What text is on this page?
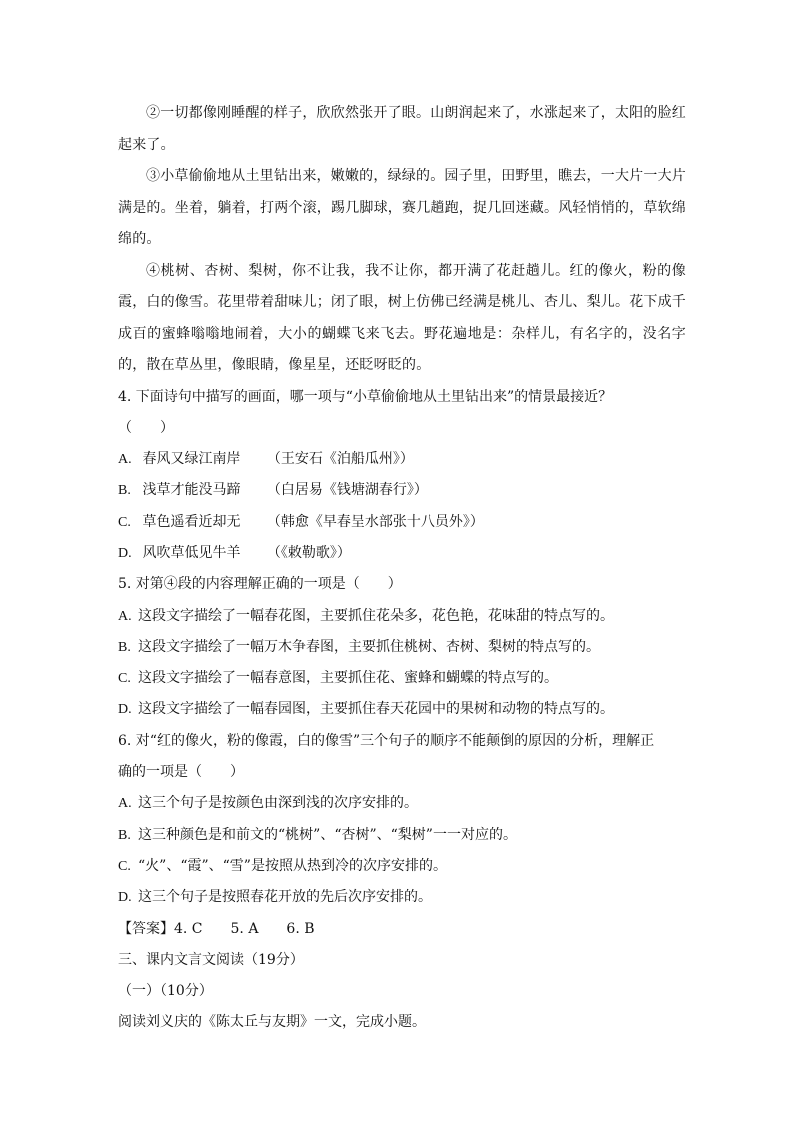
②一切都像刚睡醒的样子，欣欣然张开了眼。山朗润起来了，水涨起来了，太阳的脸红起来了。

③小草偷偷地从土里钻出来，嫩嫩的，绿绿的。园子里，田野里，瞧去，一大片一大片满是的。坐着，躺着，打两个滚，踢几脚球，赛几趟跑，捉几回迷藏。风轻悄悄的，草软绵绵的。

④桃树、杏树、梨树，你不让我，我不让你，都开满了花赶趟儿。红的像火，粉的像霞，白的像雪。花里带着甜味儿；闭了眼，树上仿佛已经满是桃儿、杏儿、梨儿。花下成千成百的蜜蜂嗡嗡地闹着，大小的蝴蝶飞来飞去。野花遍地是：杂样儿，有名字的，没名字的，散在草丛里，像眼睛，像星星，还眨呀眨的。

4. 下面诗句中描写的画面，哪一项与“小草偷偷地从土里钻出来”的情景最接近？

（　　）

A. 春风又绿江南岸 （王安石《泊船瓜州》）

B. 浅草才能没马蹄 （白居易《钱塘湖春行》）

C. 草色遥看近却无 （韩愈《早春呈水部张十八员外》）

D. 风吹草低见牛羊 （《敕勒歌》）

5. 对第④段的内容理解正确的一项是（　　）

A. 这段文字描绘了一幅春花图，主要抓住花朵多，花色艳，花味甜的特点写的。

B. 这段文字描绘了一幅万木争春图，主要抓住桃树、杏树、梨树的特点写的。

C. 这段文字描绘了一幅春意图，主要抓住花、蜜蜂和蝴蝶的特点写的。

D. 这段文字描绘了一幅春园图，主要抓住春天花园中的果树和动物的特点写的。

6. 对“红的像火，粉的像霞，白的像雪”三个句子的顺序不能颠倒的原因的分析，理解正

确的一项是（　　）

A. 这三个句子是按颜色由深到浅的次序安排的。

B. 这三种颜色是和前文的“桃树”、“杏树”、“梨树”一一对应的。

C. “火”、“霞”、“雪”是按照从热到冷的次序安排的。

D. 这三个句子是按照春花开放的先后次序安排的。

【答案】4. C　　5. A　　6. B

三、课内文言文阅读（19分）

（一）（10分）

阅读刘义庆的《陈太丘与友期》一文，完成小题。
